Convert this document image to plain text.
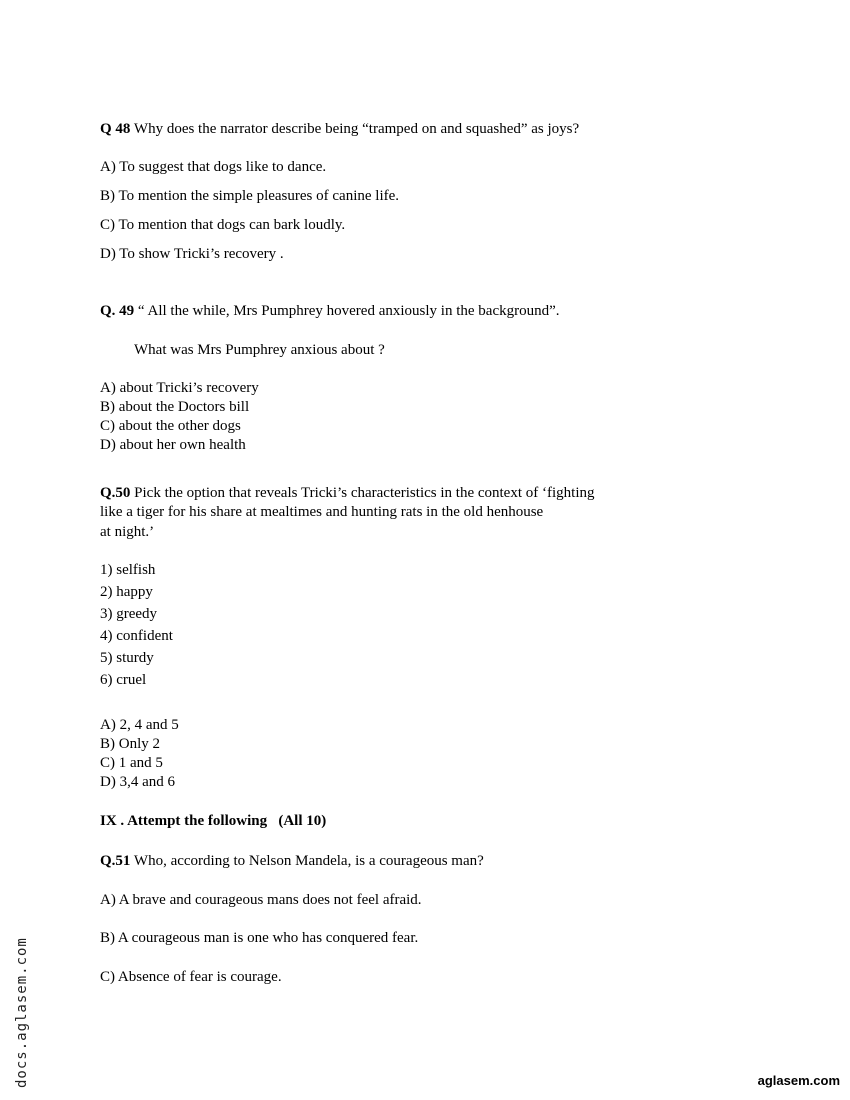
Q 48 Why does the narrator describe being “tramped on and squashed” as joys?
A) To suggest that dogs like to dance.
B) To mention the simple pleasures of canine life.
C) To mention that dogs can bark loudly.
D) To show Tricki’s recovery .
Q. 49 “ All the while, Mrs Pumphrey hovered anxiously in the background”.
What was Mrs Pumphrey anxious about ?
A) about Tricki’s recovery
B) about the Doctors bill
C) about the other dogs
D) about her own health
Q.50 Pick the option that reveals Tricki’s characteristics in the context of ‘fighting
like a tiger for his share at mealtimes and hunting rats in the old henhouse
at night.’
1) selfish
2) happy
3) greedy
4) confident
5) sturdy
6) cruel
A) 2, 4 and 5
B) Only 2
C) 1 and 5
D) 3,4 and 6
IX . Attempt the following   (All 10)
Q.51 Who, according to Nelson Mandela, is a courageous man?
A) A brave and courageous mans does not feel afraid.
B) A courageous man is one who has conquered fear.
C) Absence of fear is courage.
docs.aglasem.com	aglasem.com
